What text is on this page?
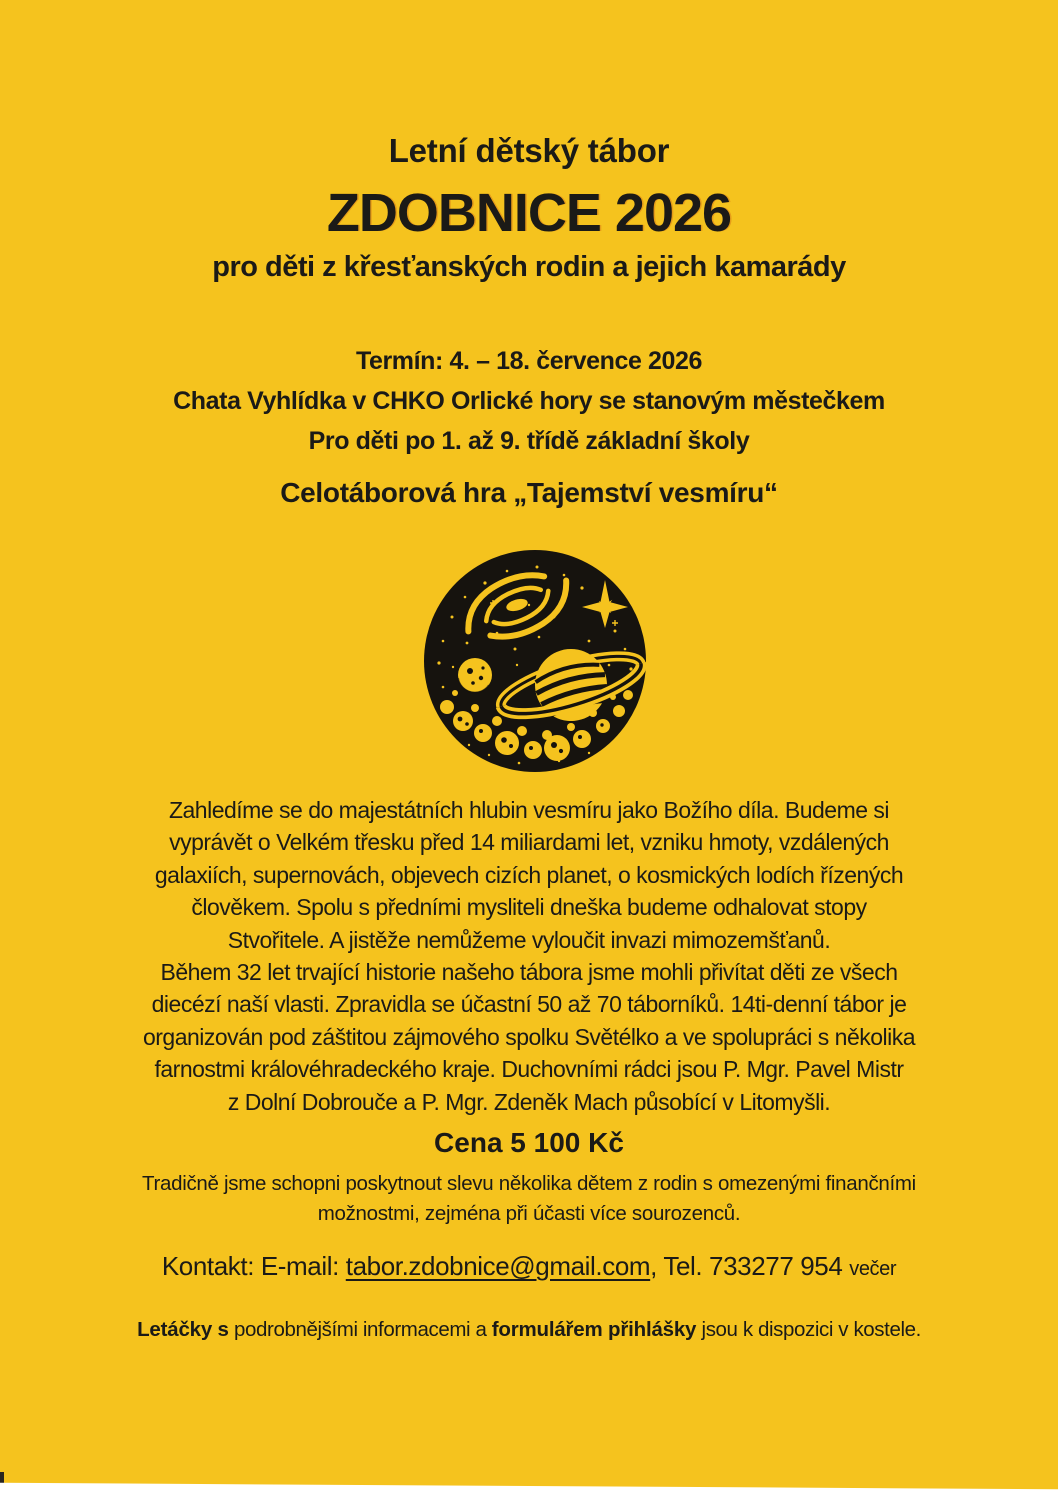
Letní dětský tábor
ZDOBNICE 2026
pro děti z křesťanských rodin a jejich kamarády
Termín: 4. – 18. července 2026
Chata Vyhlídka v CHKO Orlické hory se stanovým městečkem
Pro děti po 1. až 9. třídě základní školy
Celotáborová hra „Tajemství vesmíru“
Zahledíme se do majestátních hlubin vesmíru jako Božího díla. Budeme si
vyprávět o Velkém třesku před 14 miliardami let, vzniku hmoty, vzdálených
galaxiích, supernovách, objevech cizích planet, o kosmických lodích řízených
člověkem. Spolu s předními mysliteli dneška budeme odhalovat stopy
Stvořitele. A jistěže nemůžeme vyloučit invazi mimozemšťanů.
Během 32 let trvající historie našeho tábora jsme mohli přivítat děti ze všech
diecézí naší vlasti. Zpravidla se účastní 50 až 70 táborníků. 14ti-denní tábor je
organizován pod záštitou zájmového spolku Světélko a ve spolupráci s několika
farnostmi královéhradeckého kraje. Duchovními rádci jsou P. Mgr. Pavel Mistr
z Dolní Dobrouče a P. Mgr. Zdeněk Mach působící v Litomyšli.
Cena 5 100 Kč
Tradičně jsme schopni poskytnout slevu několika dětem z rodin s omezenými finančními
možnostmi, zejména při účasti více sourozenců.
Kontakt: E-mail: tabor.zdobnice@gmail.com, Tel. 733277 954 večer
Letáčky s podrobnějšími informacemi a formulářem přihlášky jsou k dispozici v kostele.
